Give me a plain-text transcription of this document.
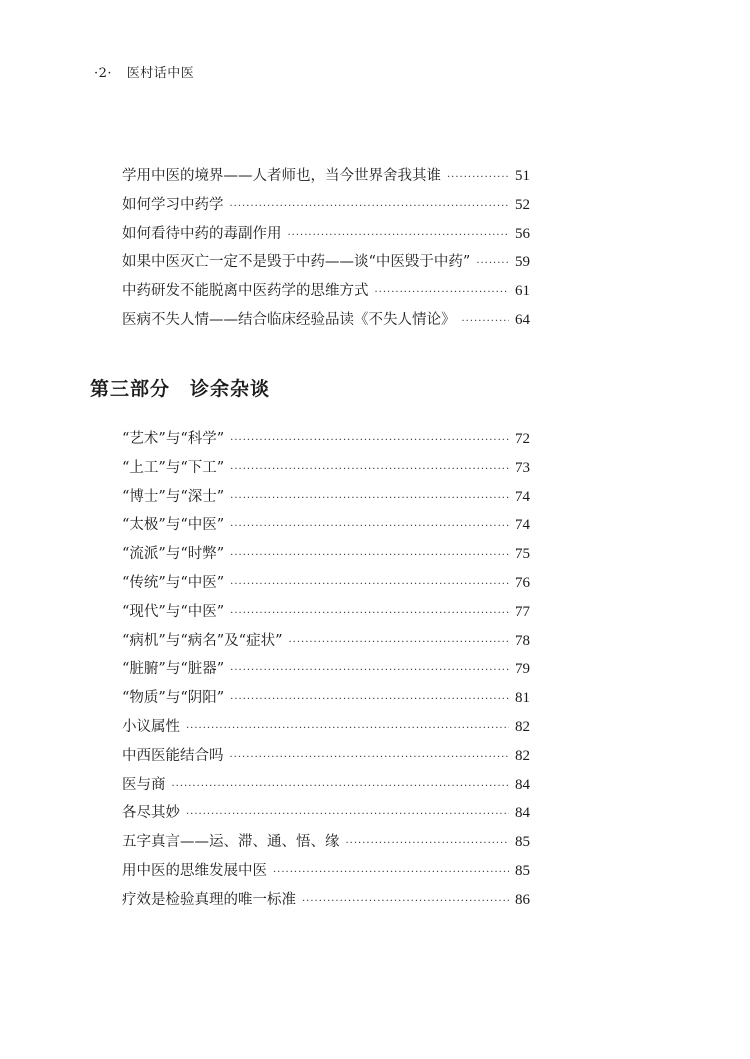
·2· 医村话中医
学用中医的境界——人者师也，当今世界舍我其谁 ·····	51
如何学习中药学 ·····	52
如何看待中药的毒副作用 ·····	56
如果中医灭亡一定不是毁于中药——谈“中医毁于中药” ·····	59
中药研发不能脱离中医药学的思维方式 ·····	61
医病不失人情——结合临床经验品读《不失人情论》 ·····	64
第三部分 诊余杂谈
“艺术”与“科学” ·····	72
“上工”与“下工” ·····	73
“博士”与“深士” ·····	74
“太极”与“中医” ·····	74
“流派”与“时弊” ·····	75
“传统”与“中医” ·····	76
“现代”与“中医” ·····	77
“病机”与“病名”及“症状” ·····	78
“脏腑”与“脏器” ·····	79
“物质”与“阴阳” ·····	81
小议属性 ·····	82
中西医能结合吗 ·····	82
医与商 ·····	84
各尽其妙 ·····	84
五字真言——运、滞、通、悟、缘 ·····	85
用中医的思维发展中医 ·····	85
疗效是检验真理的唯一标准 ·····	86
